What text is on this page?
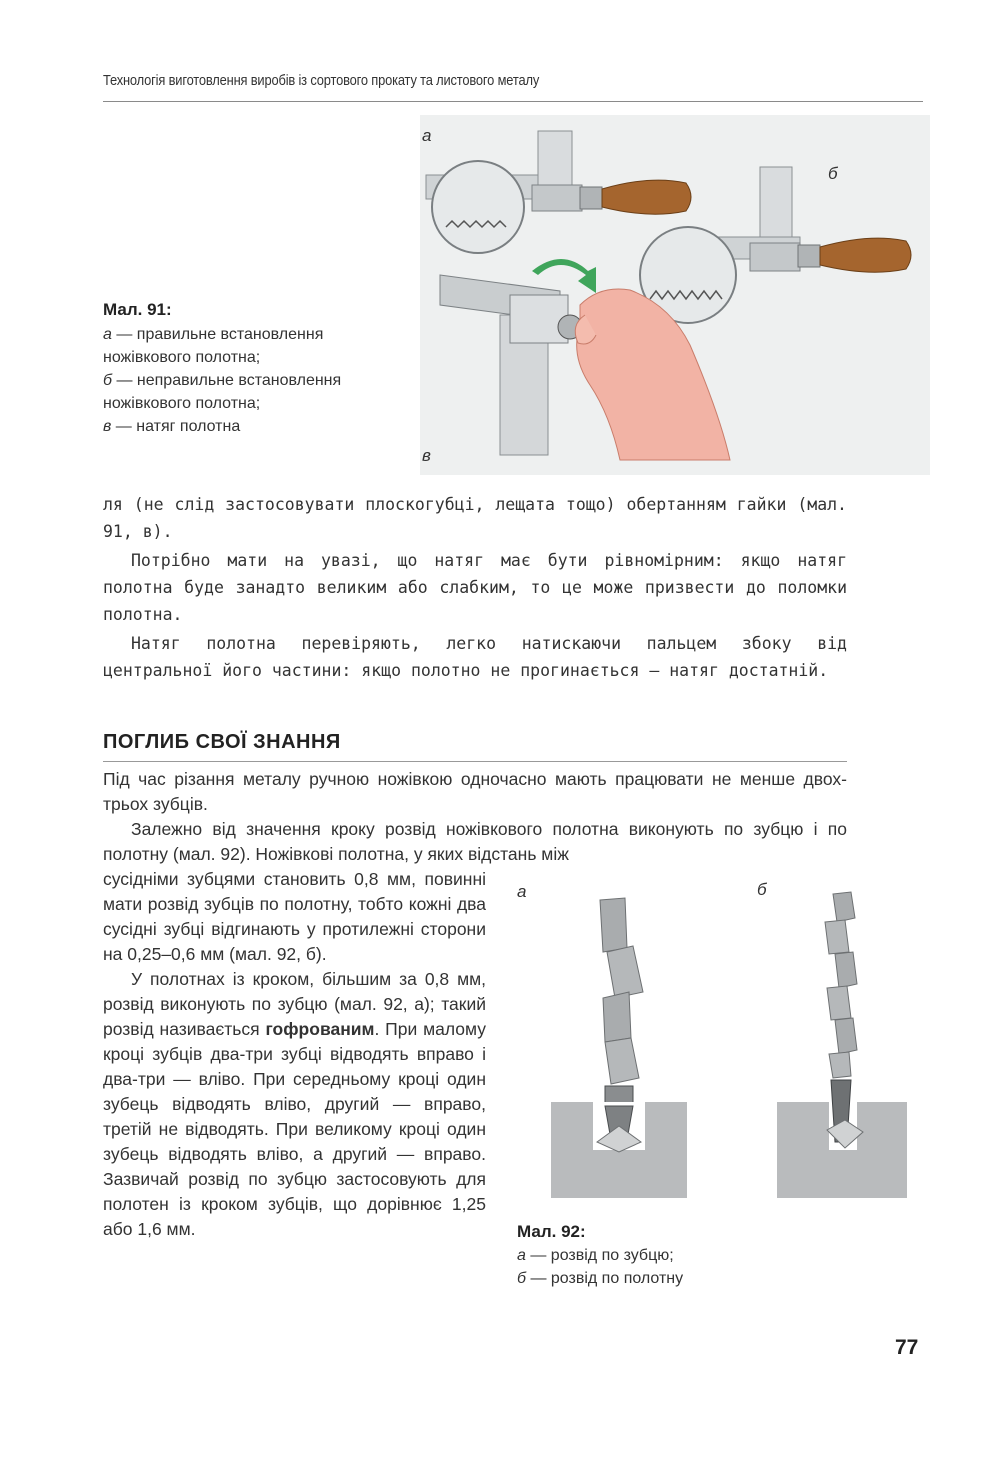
Технологія виготовлення виробів із сортового прокату та листового металу
а
б
в
Мал. 91:
а — правильне встановлення ножівкового полотна;
б — неправильне встановлення ножівкового полотна;
в — натяг полотна

ля (не слід застосовувати плоскогубці, лещата тощо) обертанням гайки (мал. 91, в).

Потрібно мати на увазі, що натяг має бути рівномірним: якщо натяг полотна буде занадто великим або слабким, то це може призвести до поломки полотна.

Натяг полотна перевіряють, легко натискаючи пальцем збоку від центральної його частини: якщо полотно не прогинається — натяг достатній.

ПОГЛИБ СВОЇ ЗНАННЯ

Під час різання металу ручною ножівкою одночасно мають працювати не менше двох-трьох зубців.

Залежно від значення кроку розвід ножівкового полотна виконують по зубцю і по полотну (мал. 92). Ножівкові полотна, у яких відстань між

сусідніми зубцями становить 0,8 мм, повинні мати розвід зубців по полотну, тобто кожні два сусідні зубці відгинають у протилежні сторони на 0,25–0,6 мм (мал. 92, б).

У полотнах із кроком, більшим за 0,8 мм, розвід виконують по зубцю (мал. 92, а); такий розвід називається гофрованим. При малому кроці зубців два-три зубці відводять вправо і два-три — вліво. При середньому кроці один зубець відводять вліво, другий — вправо, третій не відводять. При великому кроці один зубець відводять вліво, а другий — вправо. Зазвичай розвід по зубцю застосовують для полотен із кроком зубців, що дорівнює 1,25 або 1,6 мм.

а	б
Мал. 92:
а — розвід по зубцю;
б — розвід по полотну
77
